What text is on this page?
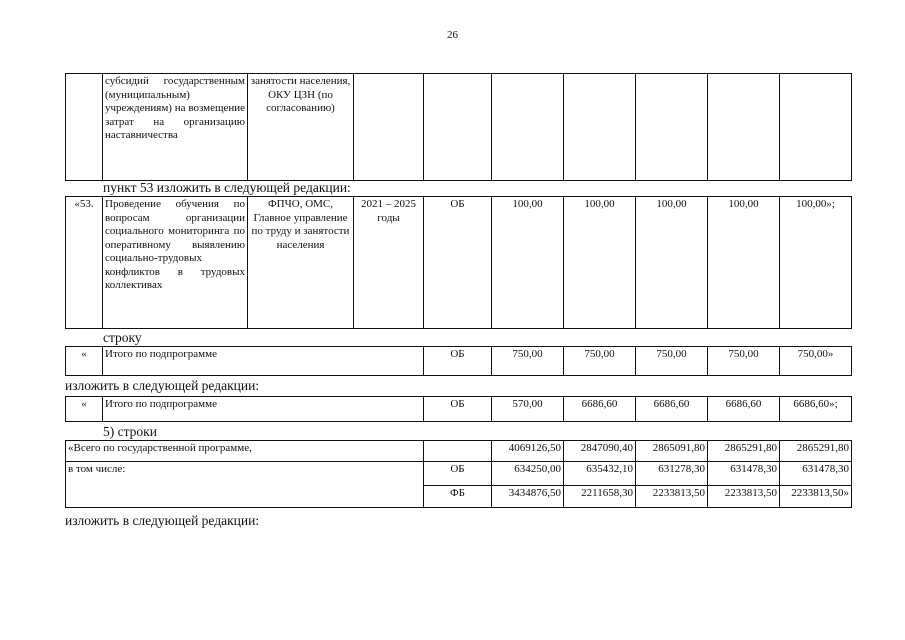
26
	субсидий государственным (муниципальным) учреждениям) на возмещение затрат на организацию наставничества	занятости населения, ОКУ ЦЗН (по согласованию)							
пункт 53 изложить в следующей редакции:
«53.	Проведение обучения по вопросам организации социального мониторинга по оперативному выявлению социально-трудовых конфликтов в трудовых коллективах	ФПЧО, ОМС, Главное управление по труду и занятости населения	2021 – 2025 годы	ОБ	100,00	100,00	100,00	100,00	100,00»;
строку
«	Итого по подпрограмме	ОБ	750,00	750,00	750,00	750,00	750,00»
изложить в следующей редакции:
«	Итого по подпрограмме	ОБ	570,00	6686,60	6686,60	6686,60	6686,60»;
5) строки
«Всего по государственной программе,		4069126,50	2847090,40	2865091,80	2865291,80	2865291,80
в том числе:	ОБ	634250,00	635432,10	631278,30	631478,30	631478,30
	ФБ	3434876,50	2211658,30	2233813,50	2233813,50	2233813,50»
изложить в следующей редакции:
